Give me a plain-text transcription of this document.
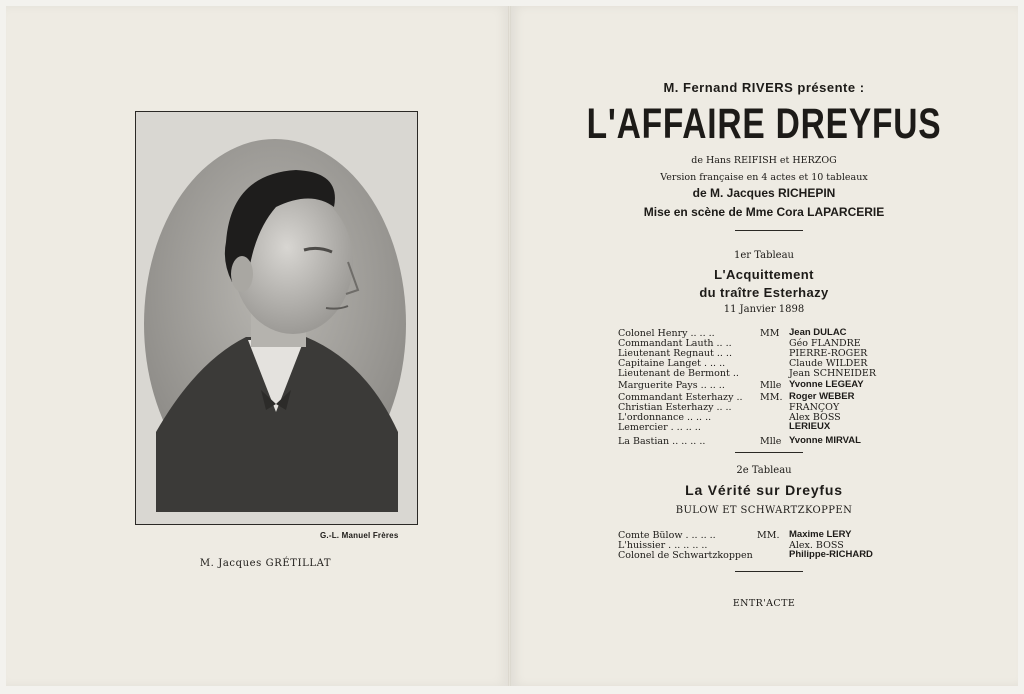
G.-L. Manuel Frères
M. Jacques GRÉTILLAT
M. Fernand RIVERS présente :
L'AFFAIRE DREYFUS
de Hans REIFISH et HERZOG
Version française en 4 actes et 10 tableaux
de M. Jacques RICHEPIN
Mise en scène de Mme Cora LAPARCERIE
1er Tableau
L'Acquittement
du traître Esterhazy
11 Janvier 1898
Colonel Henry .. .. ..	MM Jean DULAC
Commandant Lauth .. ..	Géo FLANDRE
Lieutenant Regnaut .. ..	PIERRE-ROGER
Capitaine Langet . .. ..	Claude WILDER
Lieutenant de Bermont ..	Jean SCHNEIDER
Marguerite Pays .. .. ..	Mlle Yvonne LEGEAY
Commandant Esterhazy .. MM. Roger WEBER
Christian Esterhazy .. ..	FRANÇOY
L'ordonnance .. .. ..	Alex BOSS
Lemercier . .. .. ..	LERIEUX
La Bastian .. .. .. ..	Mlle Yvonne MIRVAL
2e Tableau
La Vérité sur Dreyfus
BULOW ET SCHWARTZKOPPEN
Comte Bülow . .. .. ..	MM. Maxime LERY
L'huissier . .. .. .. ..	Alex. BOSS
Colonel de Schwartzkoppen	Philippe-RICHARD
ENTR'ACTE
